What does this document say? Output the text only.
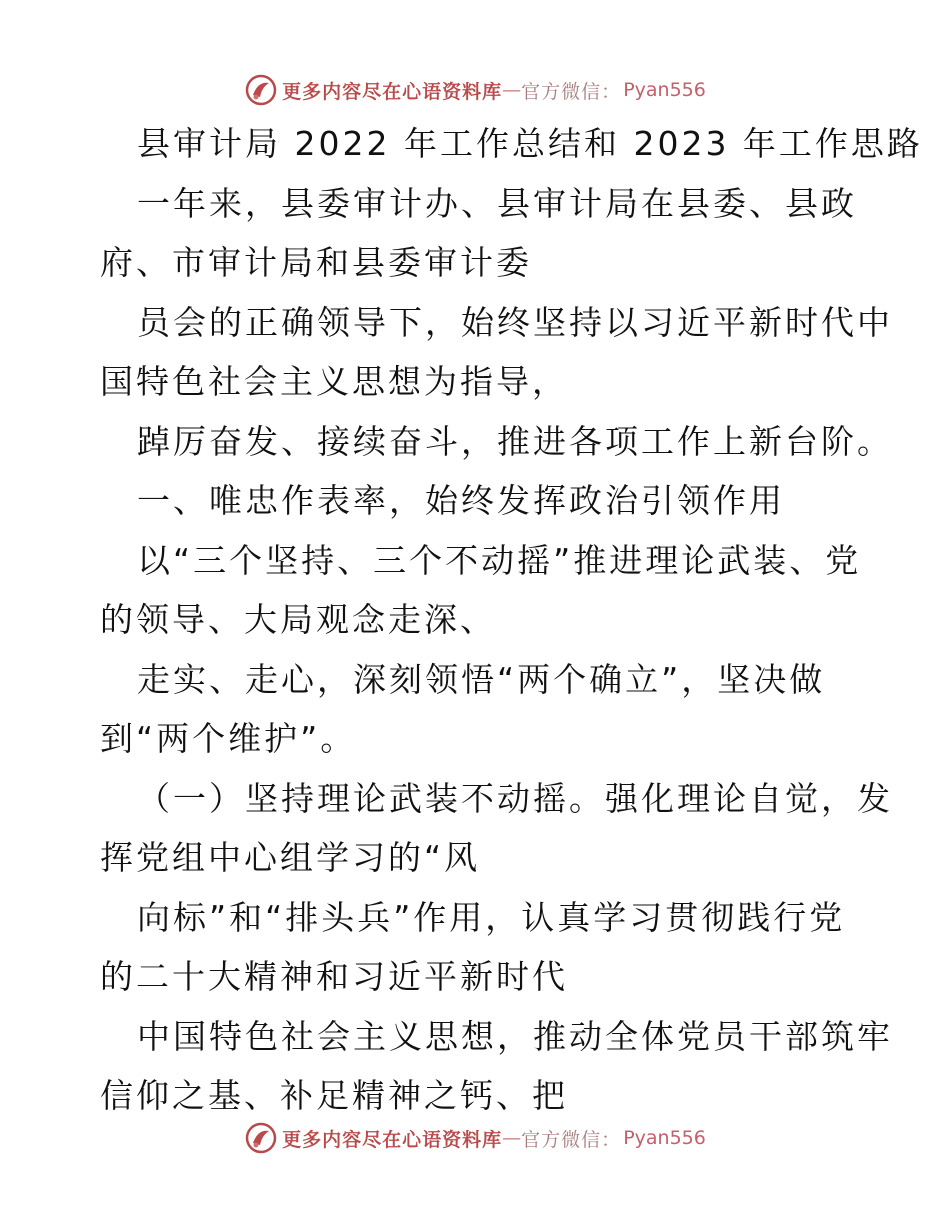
更多内容尽在心语资料库 — 官方微信： Pyan556
县审计局 2022 年工作总结和 2023 年工作思路
一年来，县委审计办、县审计局在县委、县政
府、市审计局和县委审计委
员会的正确领导下，始终坚持以习近平新时代中
国特色社会主义思想为指导，
踔厉奋发、接续奋斗，推进各项工作上新台阶。
一、唯忠作表率，始终发挥政治引领作用
以“三个坚持、三个不动摇”推进理论武装、党
的领导、大局观念走深、
走实、走心，深刻领悟“两个确立”，坚决做
到“两个维护”。
（一）坚持理论武装不动摇。强化理论自觉，发
挥党组中心组学习的“风
向标”和“排头兵”作用，认真学习贯彻践行党
的二十大精神和习近平新时代
中国特色社会主义思想，推动全体党员干部筑牢
信仰之基、补足精神之钙、把
更多内容尽在心语资料库 — 官方微信： Pyan556
